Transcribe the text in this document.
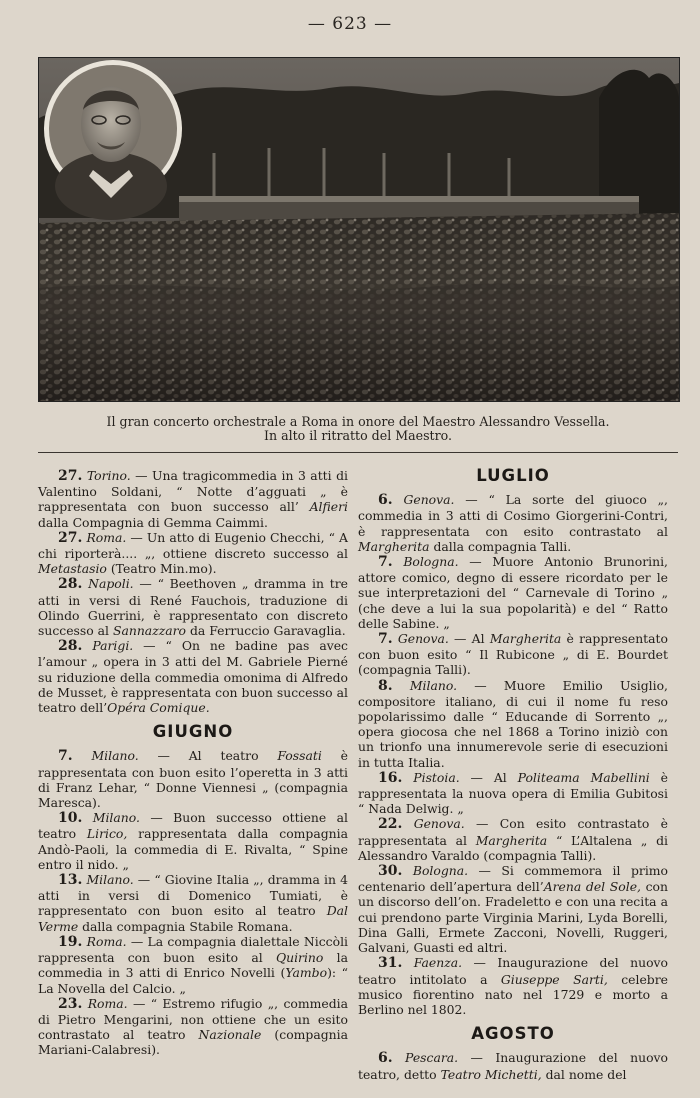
— 623 —
Il gran concerto orchestrale a Roma in onore del Maestro Alessandro Vessella.
In alto il ritratto del Maestro.

27. Torino. — Una tragicommedia in 3 atti di Valentino Soldani, “ Notte d’agguati „ è rappresentata con buon successo all’ Alfieri dalla Compagnia di Gemma Caimmi.

27. Roma. — Un atto di Eugenio Checchi, “ A chi riporterà.... „, ottiene discreto successo al Metastasio (Teatro Min.mo).

28. Napoli. — “ Beethoven „ dramma in tre atti in versi di René Fauchois, traduzione di Olindo Guerrini, è rappresentato con discreto successo al Sannazzaro da Ferruccio Garavaglia.

28. Parigi. — “ On ne badine pas avec l’amour „ opera in 3 atti del M. Gabriele Pierné su riduzione della commedia omonima di Alfredo de Musset, è rappresentata con buon successo al teatro dell’Opéra Comique.

GIUGNO

7. Milano. — Al teatro Fossati è rappresentata con buon esito l’operetta in 3 atti di Franz Lehar, “ Donne Viennesi „ (compagnia Maresca).

10. Milano. — Buon successo ottiene al teatro Lirico, rappresentata dalla compagnia Andò-Paoli, la commedia di E. Rivalta, “ Spine entro il nido. „

13. Milano. — “ Giovine Italia „, dramma in 4 atti in versi di Domenico Tumiati, è rappresentato con buon esito al teatro Dal Verme dalla compagnia Stabile Romana.

19. Roma. — La compagnia dialettale Niccòli rappresenta con buon esito al Quirino la commedia in 3 atti di Enrico Novelli (Yambo): “ La Novella del Calcio. „

23. Roma. — “ Estremo rifugio „, commedia di Pietro Mengarini, non ottiene che un esito contrastato al teatro Nazionale (compagnia Mariani-Calabresi).

LUGLIO

6. Genova. — “ La sorte del giuoco „, commedia in 3 atti di Cosimo Giorgerini-Contri, è rappresentata con esito contrastato al Margherita dalla compagnia Talli.

7. Bologna. — Muore Antonio Brunorini, attore comico, degno di essere ricordato per le sue interpretazioni del “ Carnevale di Torino „ (che deve a lui la sua popolarità) e del “ Ratto delle Sabine. „

7. Genova. — Al Margherita è rappresentato con buon esito “ Il Rubicone „ di E. Bourdet (compagnia Talli).

8. Milano. — Muore Emilio Usiglio, compositore italiano, di cui il nome fu reso popolarissimo dalle “ Educande di Sorrento „, opera giocosa che nel 1868 a Torino iniziò con un trionfo una innumerevole serie di esecuzioni in tutta Italia.

16. Pistoia. — Al Politeama Mabellini è rappresentata la nuova opera di Emilia Gubitosi “ Nada Delwig. „

22. Genova. — Con esito contrastato è rappresentata al Margherita “ L’Altalena „ di Alessandro Varaldo (compagnia Talli).

30. Bologna. — Si commemora il primo centenario dell’apertura dell’Arena del Sole, con un discorso dell’on. Fradeletto e con una recita a cui prendono parte Virginia Marini, Lyda Borelli, Dina Galli, Ermete Zacconi, Novelli, Ruggeri, Galvani, Guasti ed altri.

31. Faenza. — Inaugurazione del nuovo teatro intitolato a Giuseppe Sarti, celebre musico fiorentino nato nel 1729 e morto a Berlino nel 1802.

AGOSTO

6. Pescara. — Inaugurazione del nuovo teatro, detto Teatro Michetti, dal nome del
